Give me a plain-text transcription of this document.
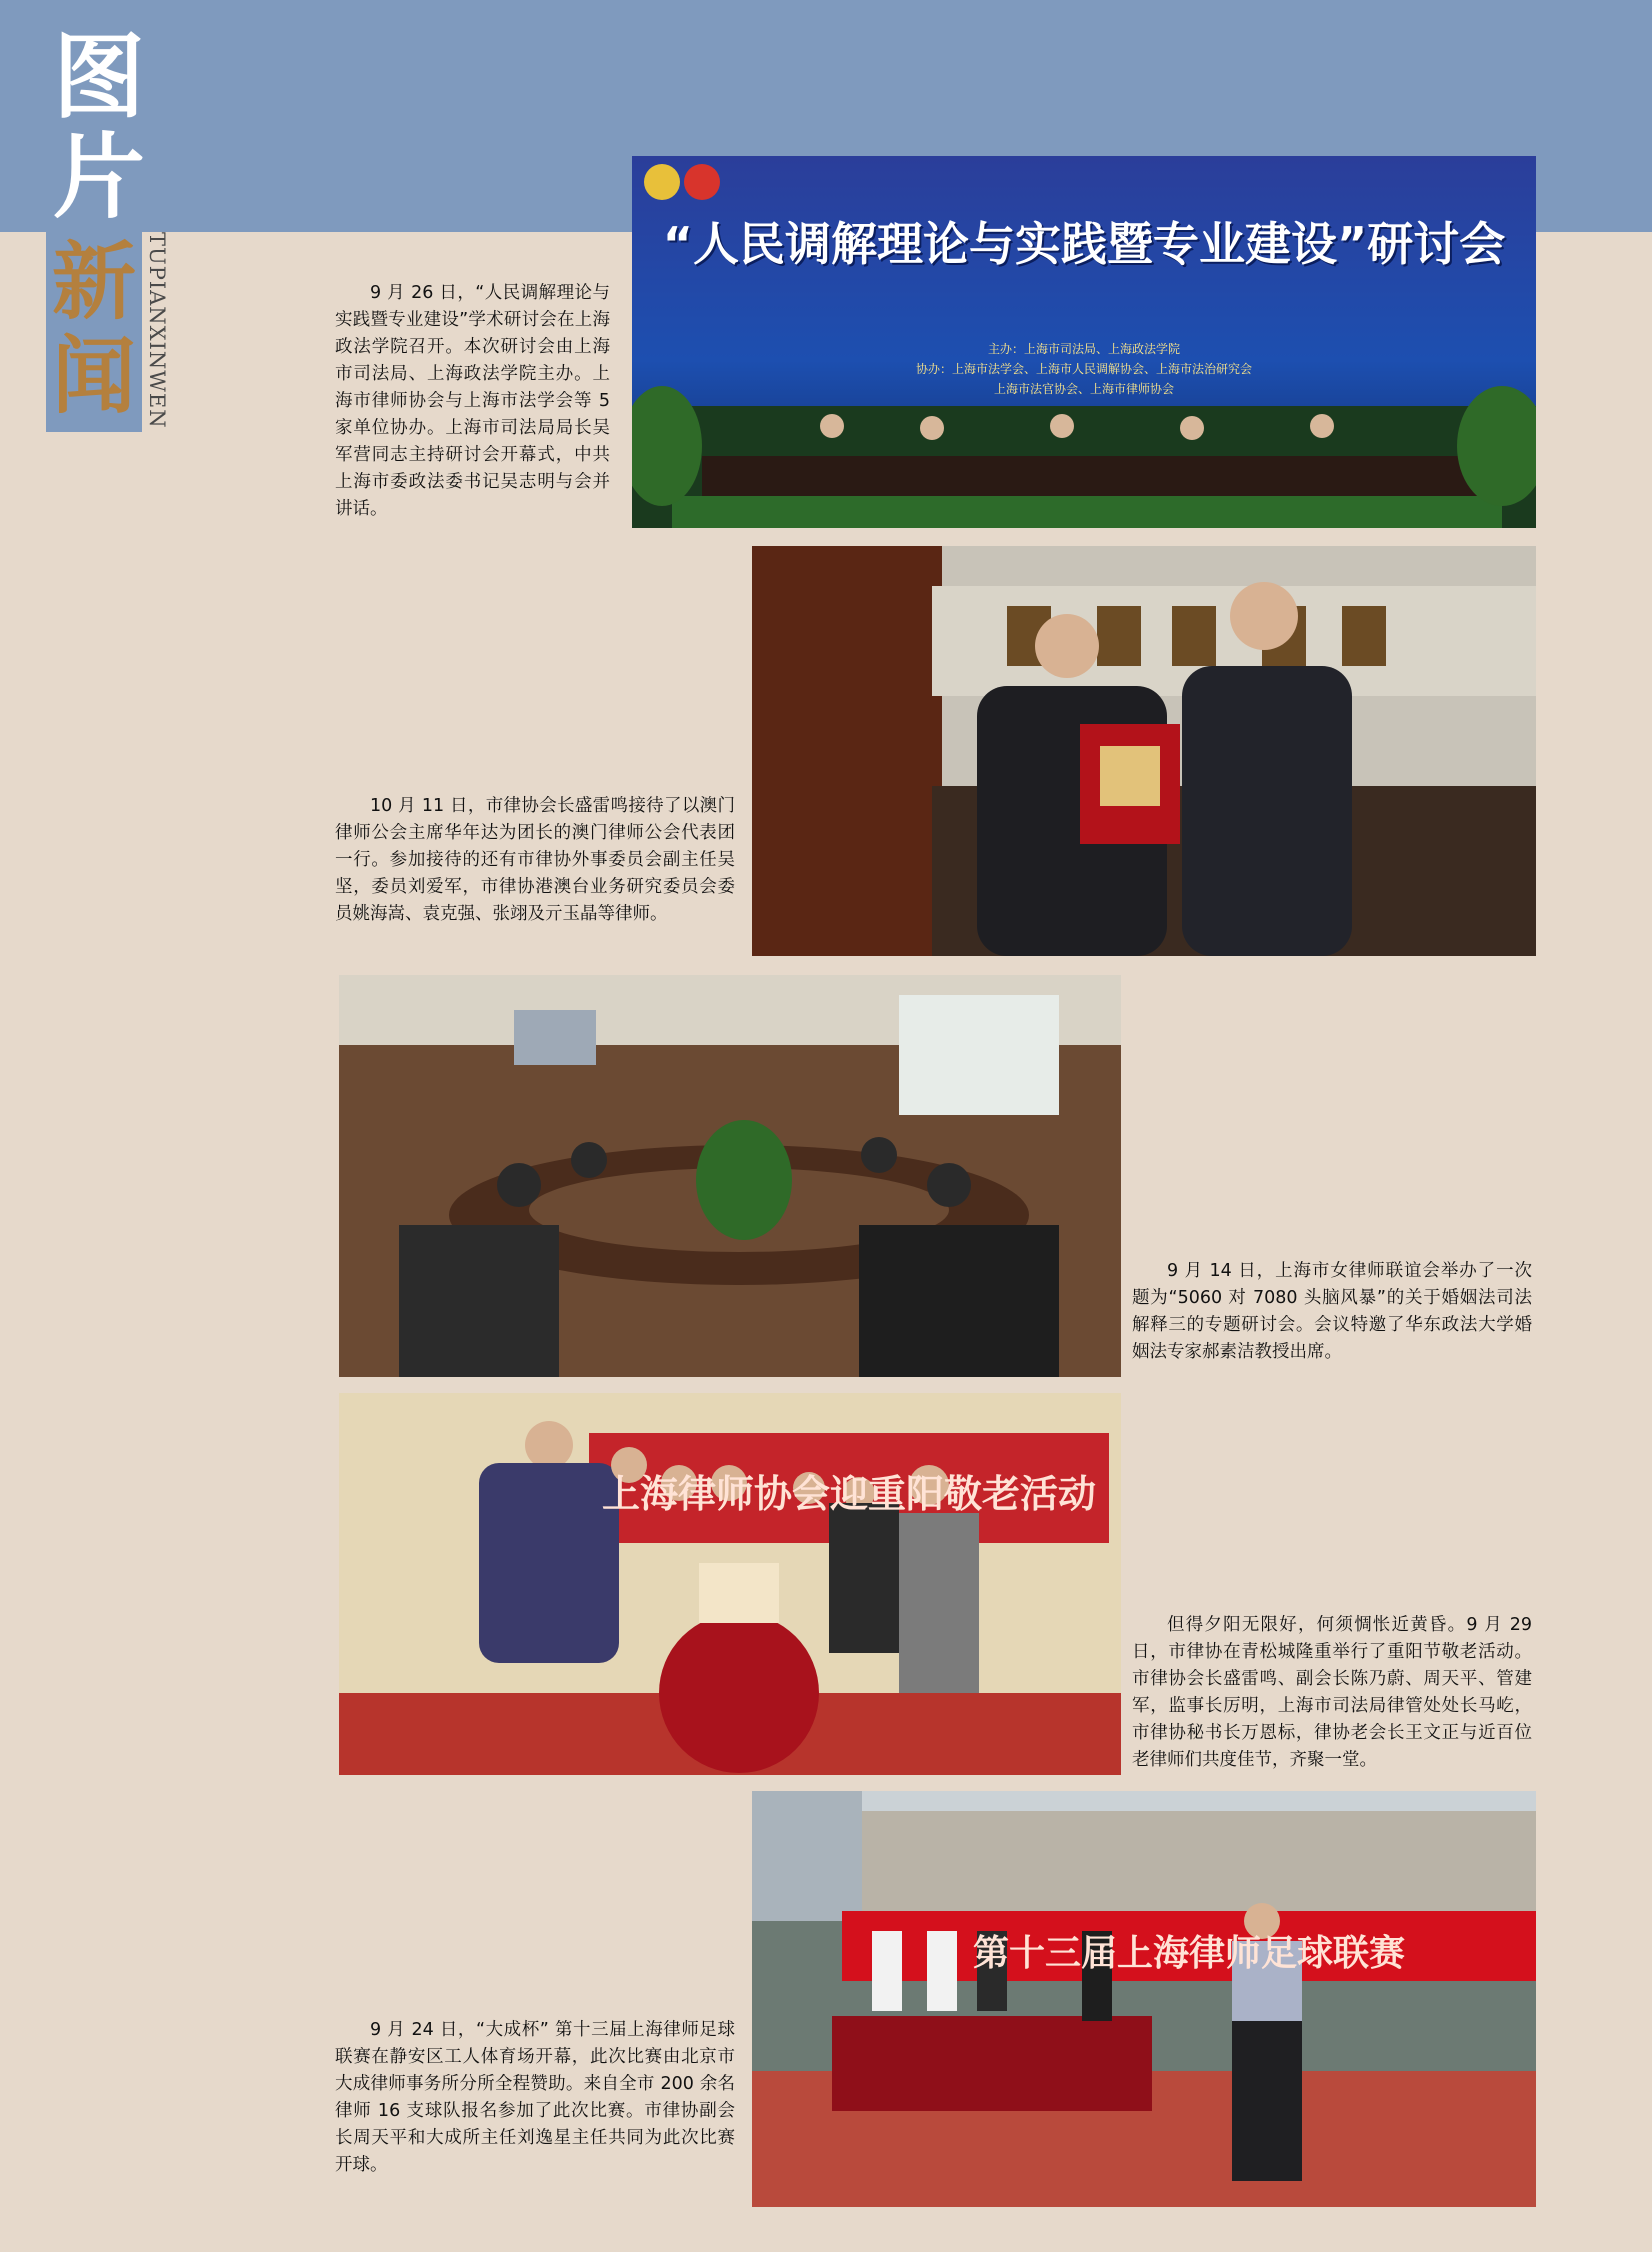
图
片
新
闻 TUPIANXINWEN	9 月 26 日，“人民调解理论与实践暨专业建设”学术研讨会在上海政法学院召开。本次研讨会由上海市司法局、上海政法学院主办。上海市律师协会与上海市法学会等 5 家单位协办。上海市司法局局长吴军营同志主持研讨会开幕式，中共上海市委政法委书记吴志明与会并讲话。
“人民调解理论与实践暨专业建设”研讨会
主办：上海市司法局、上海政法学院
协办：上海市法学会、上海市人民调解协会、上海市法治研究会
上海市法官协会、上海市律师协会
10 月 11 日，市律协会长盛雷鸣接待了以澳门律师公会主席华年达为团长的澳门律师公会代表团一行。参加接待的还有市律协外事委员会副主任吴坚，委员刘爱军，市律协港澳台业务研究委员会委员姚海嵩、袁克强、张翊及亓玉晶等律师。
9 月 14 日，上海市女律师联谊会举办了一次题为“5060 对 7080 头脑风暴”的关于婚姻法司法解释三的专题研讨会。会议特邀了华东政法大学婚姻法专家郝素洁教授出席。
上海律师协会迎重阳敬老活动
但得夕阳无限好，何须惆怅近黄昏。9 月 29 日，市律协在青松城隆重举行了重阳节敬老活动。市律协会长盛雷鸣、副会长陈乃蔚、周天平、管建军，监事长厉明，上海市司法局律管处处长马屹，市律协秘书长万恩标，律协老会长王文正与近百位老律师们共度佳节，齐聚一堂。
9 月 24 日，“大成杯” 第十三届上海律师足球联赛在静安区工人体育场开幕，此次比赛由北京市大成律师事务所分所全程赞助。来自全市 200 余名律师 16 支球队报名参加了此次比赛。市律协副会长周天平和大成所主任刘逸星主任共同为此次比赛开球。
第十三届上海律师足球联赛
